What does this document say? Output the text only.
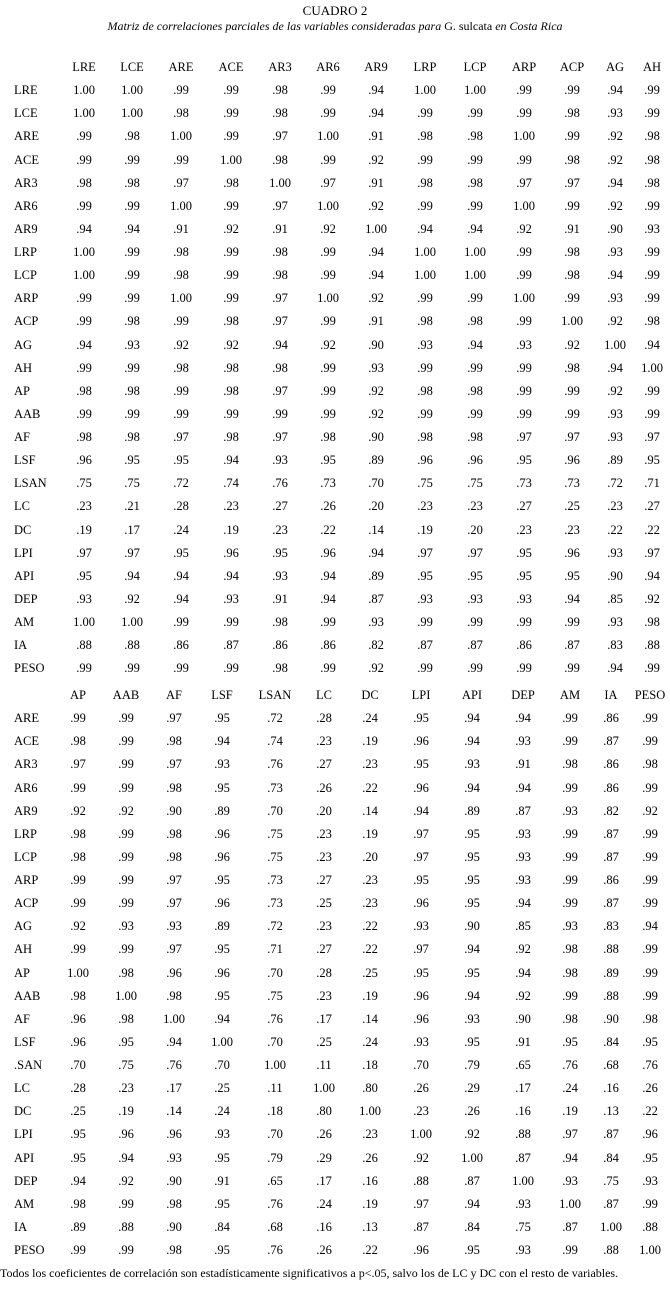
CUADRO 2
Matriz de correlaciones parciales de las variables consideradas para G. sulcata en Costa Rica
	LRE	LCE	ARE	ACE	AR3	AR6	AR9	LRP	LCP	ARP	ACP	AG	AH
LRE	1.00	1.00	.99	.99	.98	.99	.94	1.00	1.00	.99	.99	.94	.99
LCE	1.00	1.00	.98	.99	.98	.99	.94	.99	.99	.99	.98	.93	.99
ARE	.99	.98	1.00	.99	.97	1.00	.91	.98	.98	1.00	.99	.92	.98
ACE	.99	.99	.99	1.00	.98	.99	.92	.99	.99	.99	.98	.92	.98
AR3	.98	.98	.97	.98	1.00	.97	.91	.98	.98	.97	.97	.94	.98
AR6	.99	.99	1.00	.99	.97	1.00	.92	.99	.99	1.00	.99	.92	.99
AR9	.94	.94	.91	.92	.91	.92	1.00	.94	.94	.92	.91	.90	.93
LRP	1.00	.99	.98	.99	.98	.99	.94	1.00	1.00	.99	.98	.93	.99
LCP	1.00	.99	.98	.99	.98	.99	.94	1.00	1.00	.99	.98	.94	.99
ARP	.99	.99	1.00	.99	.97	1.00	.92	.99	.99	1.00	.99	.93	.99
ACP	.99	.98	.99	.98	.97	.99	.91	.98	.98	.99	1.00	.92	.98
AG	.94	.93	.92	.92	.94	.92	.90	.93	.94	.93	.92	1.00	.94
AH	.99	.99	.98	.98	.98	.99	.93	.99	.99	.99	.98	.94	1.00
AP	.98	.98	.99	.98	.97	.99	.92	.98	.98	.99	.99	.92	.99
AAB	.99	.99	.99	.99	.99	.99	.92	.99	.99	.99	.99	.93	.99
AF	.98	.98	.97	.98	.97	.98	.90	.98	.98	.97	.97	.93	.97
LSF	.96	.95	.95	.94	.93	.95	.89	.96	.96	.95	.96	.89	.95
LSAN	.75	.75	.72	.74	.76	.73	.70	.75	.75	.73	.73	.72	.71
LC	.23	.21	.28	.23	.27	.26	.20	.23	.23	.27	.25	.23	.27
DC	.19	.17	.24	.19	.23	.22	.14	.19	.20	.23	.23	.22	.22
LPI	.97	.97	.95	.96	.95	.96	.94	.97	.97	.95	.96	.93	.97
API	.95	.94	.94	.94	.93	.94	.89	.95	.95	.95	.95	.90	.94
DEP	.93	.92	.94	.93	.91	.94	.87	.93	.93	.93	.94	.85	.92
AM	1.00	1.00	.99	.99	.98	.99	.93	.99	.99	.99	.99	.93	.98
IA	.88	.88	.86	.87	.86	.86	.82	.87	.87	.86	.87	.83	.88
PESO	.99	.99	.99	.99	.98	.99	.92	.99	.99	.99	.99	.94	.99
	AP	AAB	AF	LSF	LSAN	LC	DC	LPI	API	DEP	AM	IA	PESO
ARE	.99	.99	.97	.95	.72	.28	.24	.95	.94	.94	.99	.86	.99
ACE	.98	.99	.98	.94	.74	.23	.19	.96	.94	.93	.99	.87	.99
AR3	.97	.99	.97	.93	.76	.27	.23	.95	.93	.91	.98	.86	.98
AR6	.99	.99	.98	.95	.73	.26	.22	.96	.94	.94	.99	.86	.99
AR9	.92	.92	.90	.89	.70	.20	.14	.94	.89	.87	.93	.82	.92
LRP	.98	.99	.98	.96	.75	.23	.19	.97	.95	.93	.99	.87	.99
LCP	.98	.99	.98	.96	.75	.23	.20	.97	.95	.93	.99	.87	.99
ARP	.99	.99	.97	.95	.73	.27	.23	.95	.95	.93	.99	.86	.99
ACP	.99	.99	.97	.96	.73	.25	.23	.96	.95	.94	.99	.87	.99
AG	.92	.93	.93	.89	.72	.23	.22	.93	.90	.85	.93	.83	.94
AH	.99	.99	.97	.95	.71	.27	.22	.97	.94	.92	.98	.88	.99
AP	1.00	.98	.96	.96	.70	.28	.25	.95	.95	.94	.98	.89	.99
AAB	.98	1.00	.98	.95	.75	.23	.19	.96	.94	.92	.99	.88	.99
AF	.96	.98	1.00	.94	.76	.17	.14	.96	.93	.90	.98	.90	.98
LSF	.96	.95	.94	1.00	.70	.25	.24	.93	.95	.91	.95	.84	.95
.SAN	.70	.75	.76	.70	1.00	.11	.18	.70	.79	.65	.76	.68	.76
LC	.28	.23	.17	.25	.11	1.00	.80	.26	.29	.17	.24	.16	.26
DC	.25	.19	.14	.24	.18	.80	1.00	.23	.26	.16	.19	.13	.22
LPI	.95	.96	.96	.93	.70	.26	.23	1.00	.92	.88	.97	.87	.96
API	.95	.94	.93	.95	.79	.29	.26	.92	1.00	.87	.94	.84	.95
DEP	.94	.92	.90	.91	.65	.17	.16	.88	.87	1.00	.93	.75	.93
AM	.98	.99	.98	.95	.76	.24	.19	.97	.94	.93	1.00	.87	.99
IA	.89	.88	.90	.84	.68	.16	.13	.87	.84	.75	.87	1.00	.88
PESO	.99	.99	.98	.95	.76	.26	.22	.96	.95	.93	.99	.88	1.00
Todos los coeficientes de correlación son estadísticamente significativos a p<.05, salvo los de LC y DC con el resto de variables.
